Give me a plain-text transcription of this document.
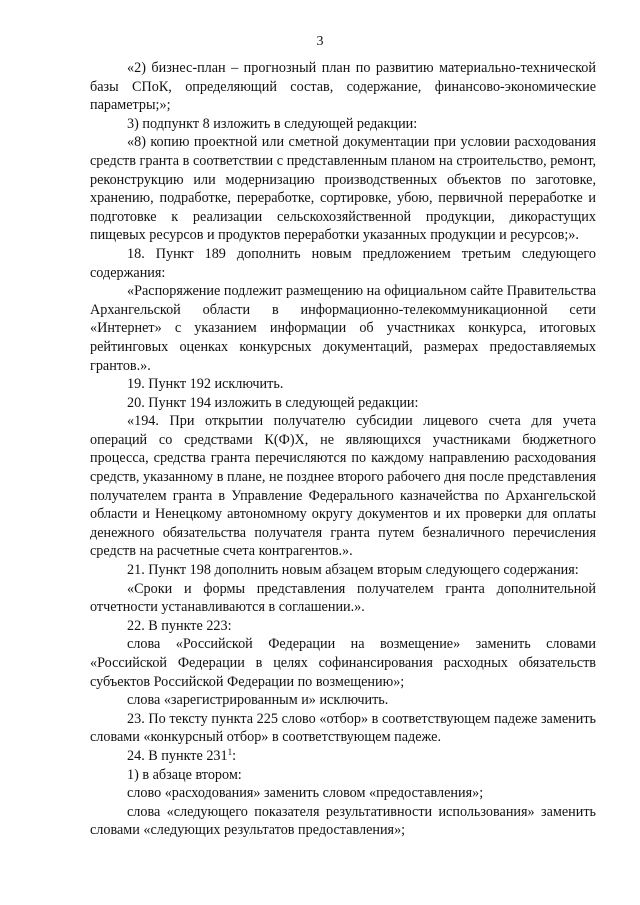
3

«2) бизнес-план – прогнозный план по развитию материально-технической базы СПоК, определяющий состав, содержание, финансово-экономические параметры;»;

3) подпункт 8 изложить в следующей редакции:

«8) копию проектной или сметной документации при условии расходования средств гранта в соответствии с представленным планом на строительство, ремонт, реконструкцию или модернизацию производственных объектов по заготовке, хранению, подработке, переработке, сортировке, убою, первичной переработке и подготовке к реализации сельскохозяйственной продукции, дикорастущих пищевых ресурсов и продуктов переработки указанных продукции и ресурсов;».

18. Пункт 189 дополнить новым предложением третьим следующего содержания:

«Распоряжение подлежит размещению на официальном сайте Правительства Архангельской области в информационно-телекоммуникационной сети «Интернет» с указанием информации об участниках конкурса, итоговых рейтинговых оценках конкурсных документаций, размерах предоставляемых грантов.».

19. Пункт 192 исключить.

20. Пункт 194 изложить в следующей редакции:

«194. При открытии получателю субсидии лицевого счета для учета операций со средствами К(Ф)Х, не являющихся участниками бюджетного процесса, средства гранта перечисляются по каждому направлению расходования средств, указанному в плане, не позднее второго рабочего дня после представления получателем гранта в Управление Федерального казначейства по Архангельской области и Ненецкому автономному округу документов и их проверки для оплаты денежного обязательства получателя гранта путем безналичного перечисления средств на расчетные счета контрагентов.».

21. Пункт 198 дополнить новым абзацем вторым следующего содержания:

«Сроки и формы представления получателем гранта дополнительной отчетности устанавливаются в соглашении.».

22. В пункте 223:

слова «Российской Федерации на возмещение» заменить словами «Российской Федерации в целях софинансирования расходных обязательств субъектов Российской Федерации по возмещению»;

слова «зарегистрированным и» исключить.

23. По тексту пункта 225 слово «отбор» в соответствующем падеже заменить словами «конкурсный отбор» в соответствующем падеже.

24. В пункте $231^1$:

1) в абзаце втором:

слово «расходования» заменить словом «предоставления»;

слова «следующего показателя результативности использования» заменить словами «следующих результатов предоставления»;
